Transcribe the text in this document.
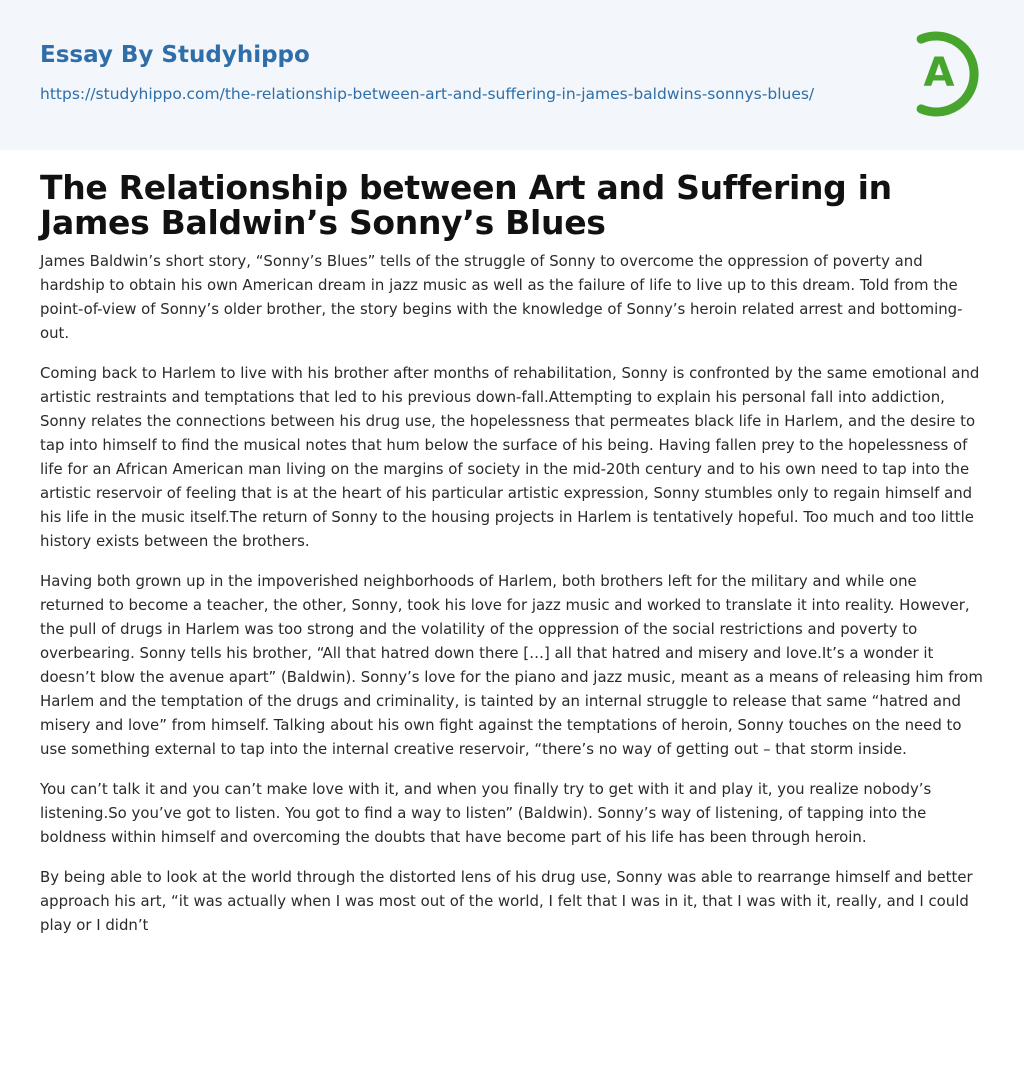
Essay By Studyhippo
https://studyhippo.com/the-relationship-between-art-and-suffering-in-james-baldwins-sonnys-blues/	A
The Relationship between Art and Suffering in James Baldwin’s Sonny’s Blues

James Baldwin’s short story, “Sonny’s Blues” tells of the struggle of Sonny to overcome the oppression of poverty and hardship to obtain his own American dream in jazz music as well as the failure of life to live up to this dream. Told from the point-of-view of Sonny’s older brother, the story begins with the knowledge of Sonny’s heroin related arrest and bottoming-out.

Coming back to Harlem to live with his brother after months of rehabilitation, Sonny is confronted by the same emotional and artistic restraints and temptations that led to his previous down-fall.Attempting to explain his personal fall into addiction, Sonny relates the connections between his drug use, the hopelessness that permeates black life in Harlem, and the desire to tap into himself to find the musical notes that hum below the surface of his being. Having fallen prey to the hopelessness of life for an African American man living on the margins of society in the mid-20th century and to his own need to tap into the artistic reservoir of feeling that is at the heart of his particular artistic expression, Sonny stumbles only to regain himself and his life in the music itself.The return of Sonny to the housing projects in Harlem is tentatively hopeful. Too much and too little history exists between the brothers.

Having both grown up in the impoverished neighborhoods of Harlem, both brothers left for the military and while one returned to become a teacher, the other, Sonny, took his love for jazz music and worked to translate it into reality. However, the pull of drugs in Harlem was too strong and the volatility of the oppression of the social restrictions and poverty to overbearing. Sonny tells his brother, “All that hatred down there […] all that hatred and misery and love.It’s a wonder it doesn’t blow the avenue apart” (Baldwin). Sonny’s love for the piano and jazz music, meant as a means of releasing him from Harlem and the temptation of the drugs and criminality, is tainted by an internal struggle to release that same “hatred and misery and love” from himself. Talking about his own fight against the temptations of heroin, Sonny touches on the need to use something external to tap into the internal creative reservoir, “there’s no way of getting out – that storm inside.

You can’t talk it and you can’t make love with it, and when you finally try to get with it and play it, you realize nobody’s listening.So you’ve got to listen. You got to find a way to listen” (Baldwin). Sonny’s way of listening, of tapping into the boldness within himself and overcoming the doubts that have become part of his life has been through heroin.

By being able to look at the world through the distorted lens of his drug use, Sonny was able to rearrange himself and better approach his art, “it was actually when I was most out of the world, I felt that I was in it, that I was with it, really, and I could play or I didn’t
